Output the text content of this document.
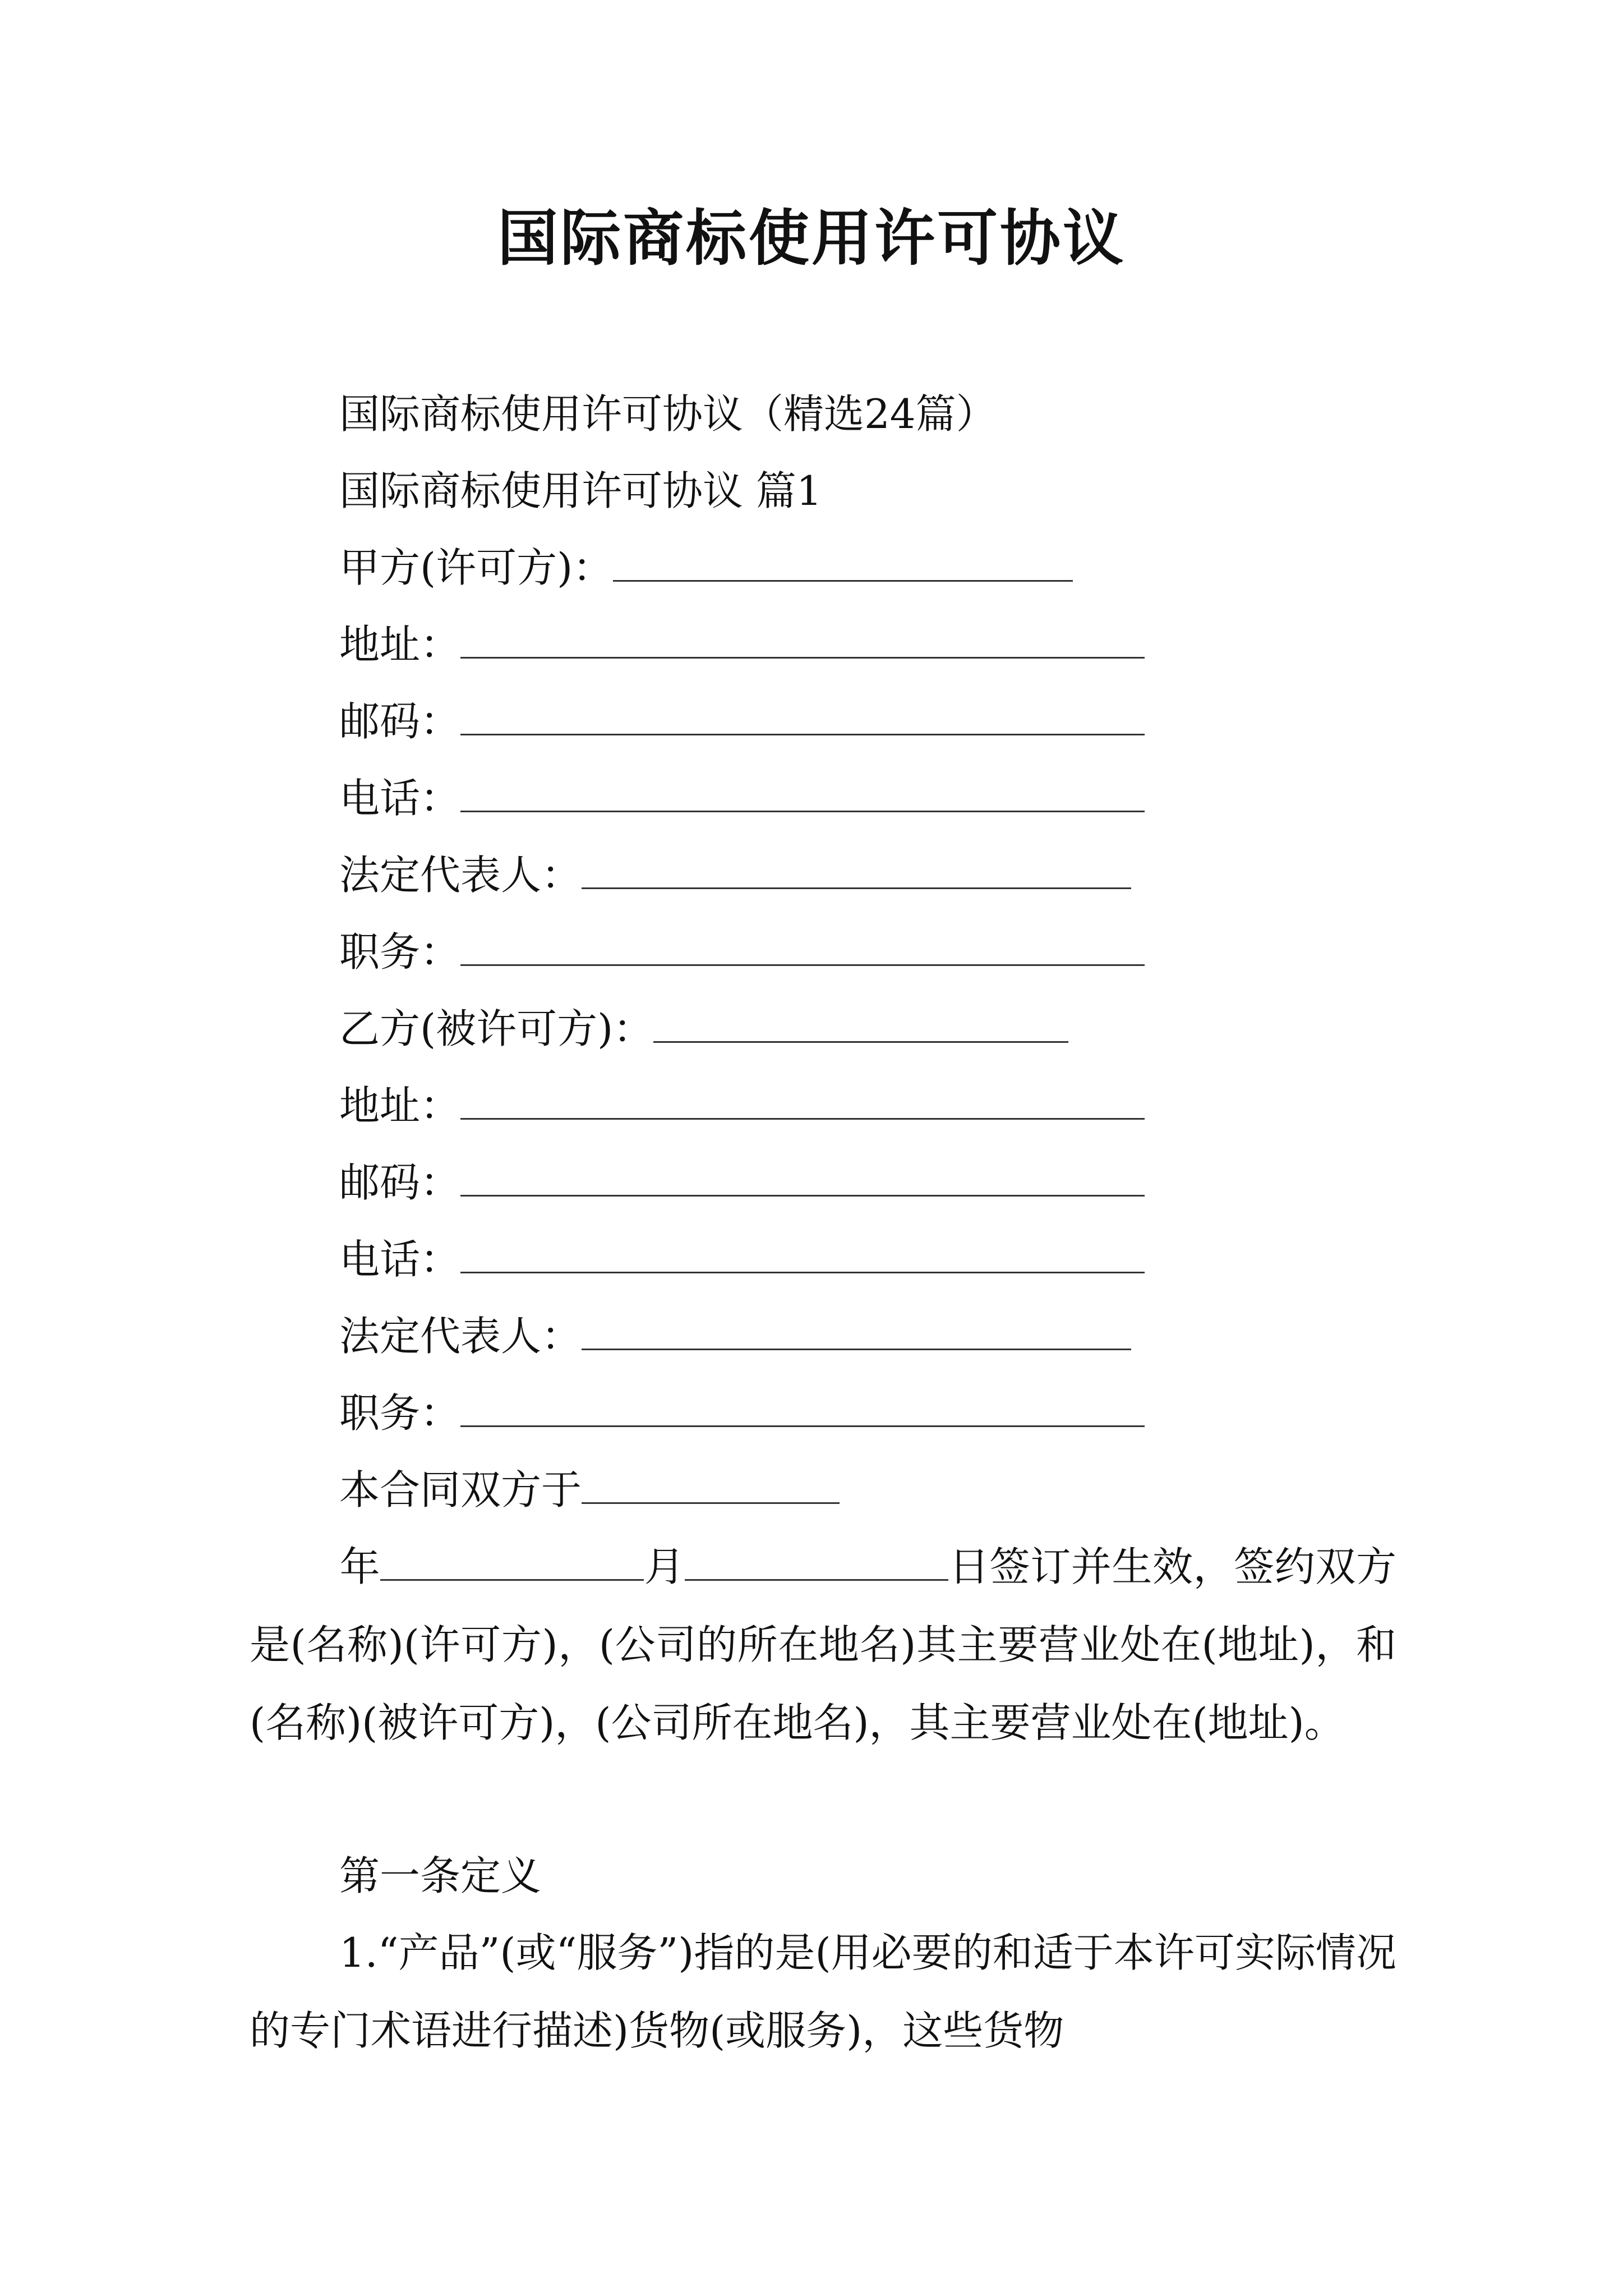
国际商标使用许可协议
国际商标使用许可协议（精选24篇）
国际商标使用许可协议 篇1
甲方(许可方)：
地址：
邮码：
电话：
法定代表人：
职务：
乙方(被许可方)：
地址：
邮码：
电话：
法定代表人：
职务：
本合同双方于
年	月	日签订并生效，签约双方是(名称)(许可方)，(公司的所在地名)其主要营业处在(地址)，和(名称)(被许可方)，(公司所在地名)，其主要营业处在(地址)。
第一条定义
1.“产品”(或“服务”)指的是(用必要的和适于本许可实际情况的专门术语进行描述)货物(或服务)，这些货物
